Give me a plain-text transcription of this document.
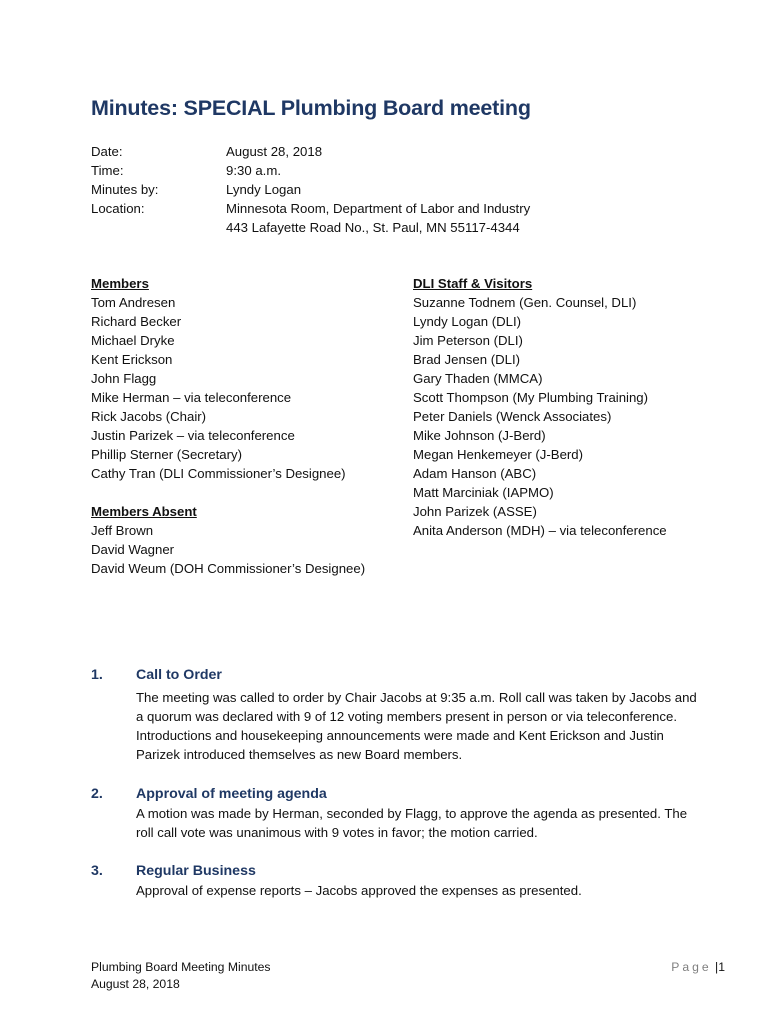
Minutes: SPECIAL Plumbing Board meeting
Date:	August 28, 2018
Time:	9:30 a.m.
Minutes by:	Lyndy Logan
Location:	Minnesota Room, Department of Labor and Industry
443 Lafayette Road No., St. Paul, MN 55117-4344
Members
Tom Andresen
Richard Becker
Michael Dryke
Kent Erickson
John Flagg
Mike Herman – via teleconference
Rick Jacobs (Chair)
Justin Parizek – via teleconference
Phillip Sterner (Secretary)
Cathy Tran (DLI Commissioner’s Designee)
Members Absent
Jeff Brown
David Wagner
David Weum (DOH Commissioner’s Designee)
DLI Staff & Visitors
Suzanne Todnem (Gen. Counsel, DLI)
Lyndy Logan (DLI)
Jim Peterson (DLI)
Brad Jensen (DLI)
Gary Thaden (MMCA)
Scott Thompson (My Plumbing Training)
Peter Daniels (Wenck Associates)
Mike Johnson (J-Berd)
Megan Henkemeyer (J-Berd)
Adam Hanson (ABC)
Matt Marciniak (IAPMO)
John Parizek (ASSE)
Anita Anderson (MDH) – via teleconference
1.	Call to Order
The meeting was called to order by Chair Jacobs at 9:35 a.m. Roll call was taken by Jacobs and
a quorum was declared with 9 of 12 voting members present in person or via teleconference.
Introductions and housekeeping announcements were made and Kent Erickson and Justin
Parizek introduced themselves as new Board members.
2.	Approval of meeting agenda
A motion was made by Herman, seconded by Flagg, to approve the agenda as presented. The
roll call vote was unanimous with 9 votes in favor; the motion carried.
3.	Regular Business
Approval of expense reports – Jacobs approved the expenses as presented.
Plumbing Board Meeting Minutes
August 28, 2018
Page |1
